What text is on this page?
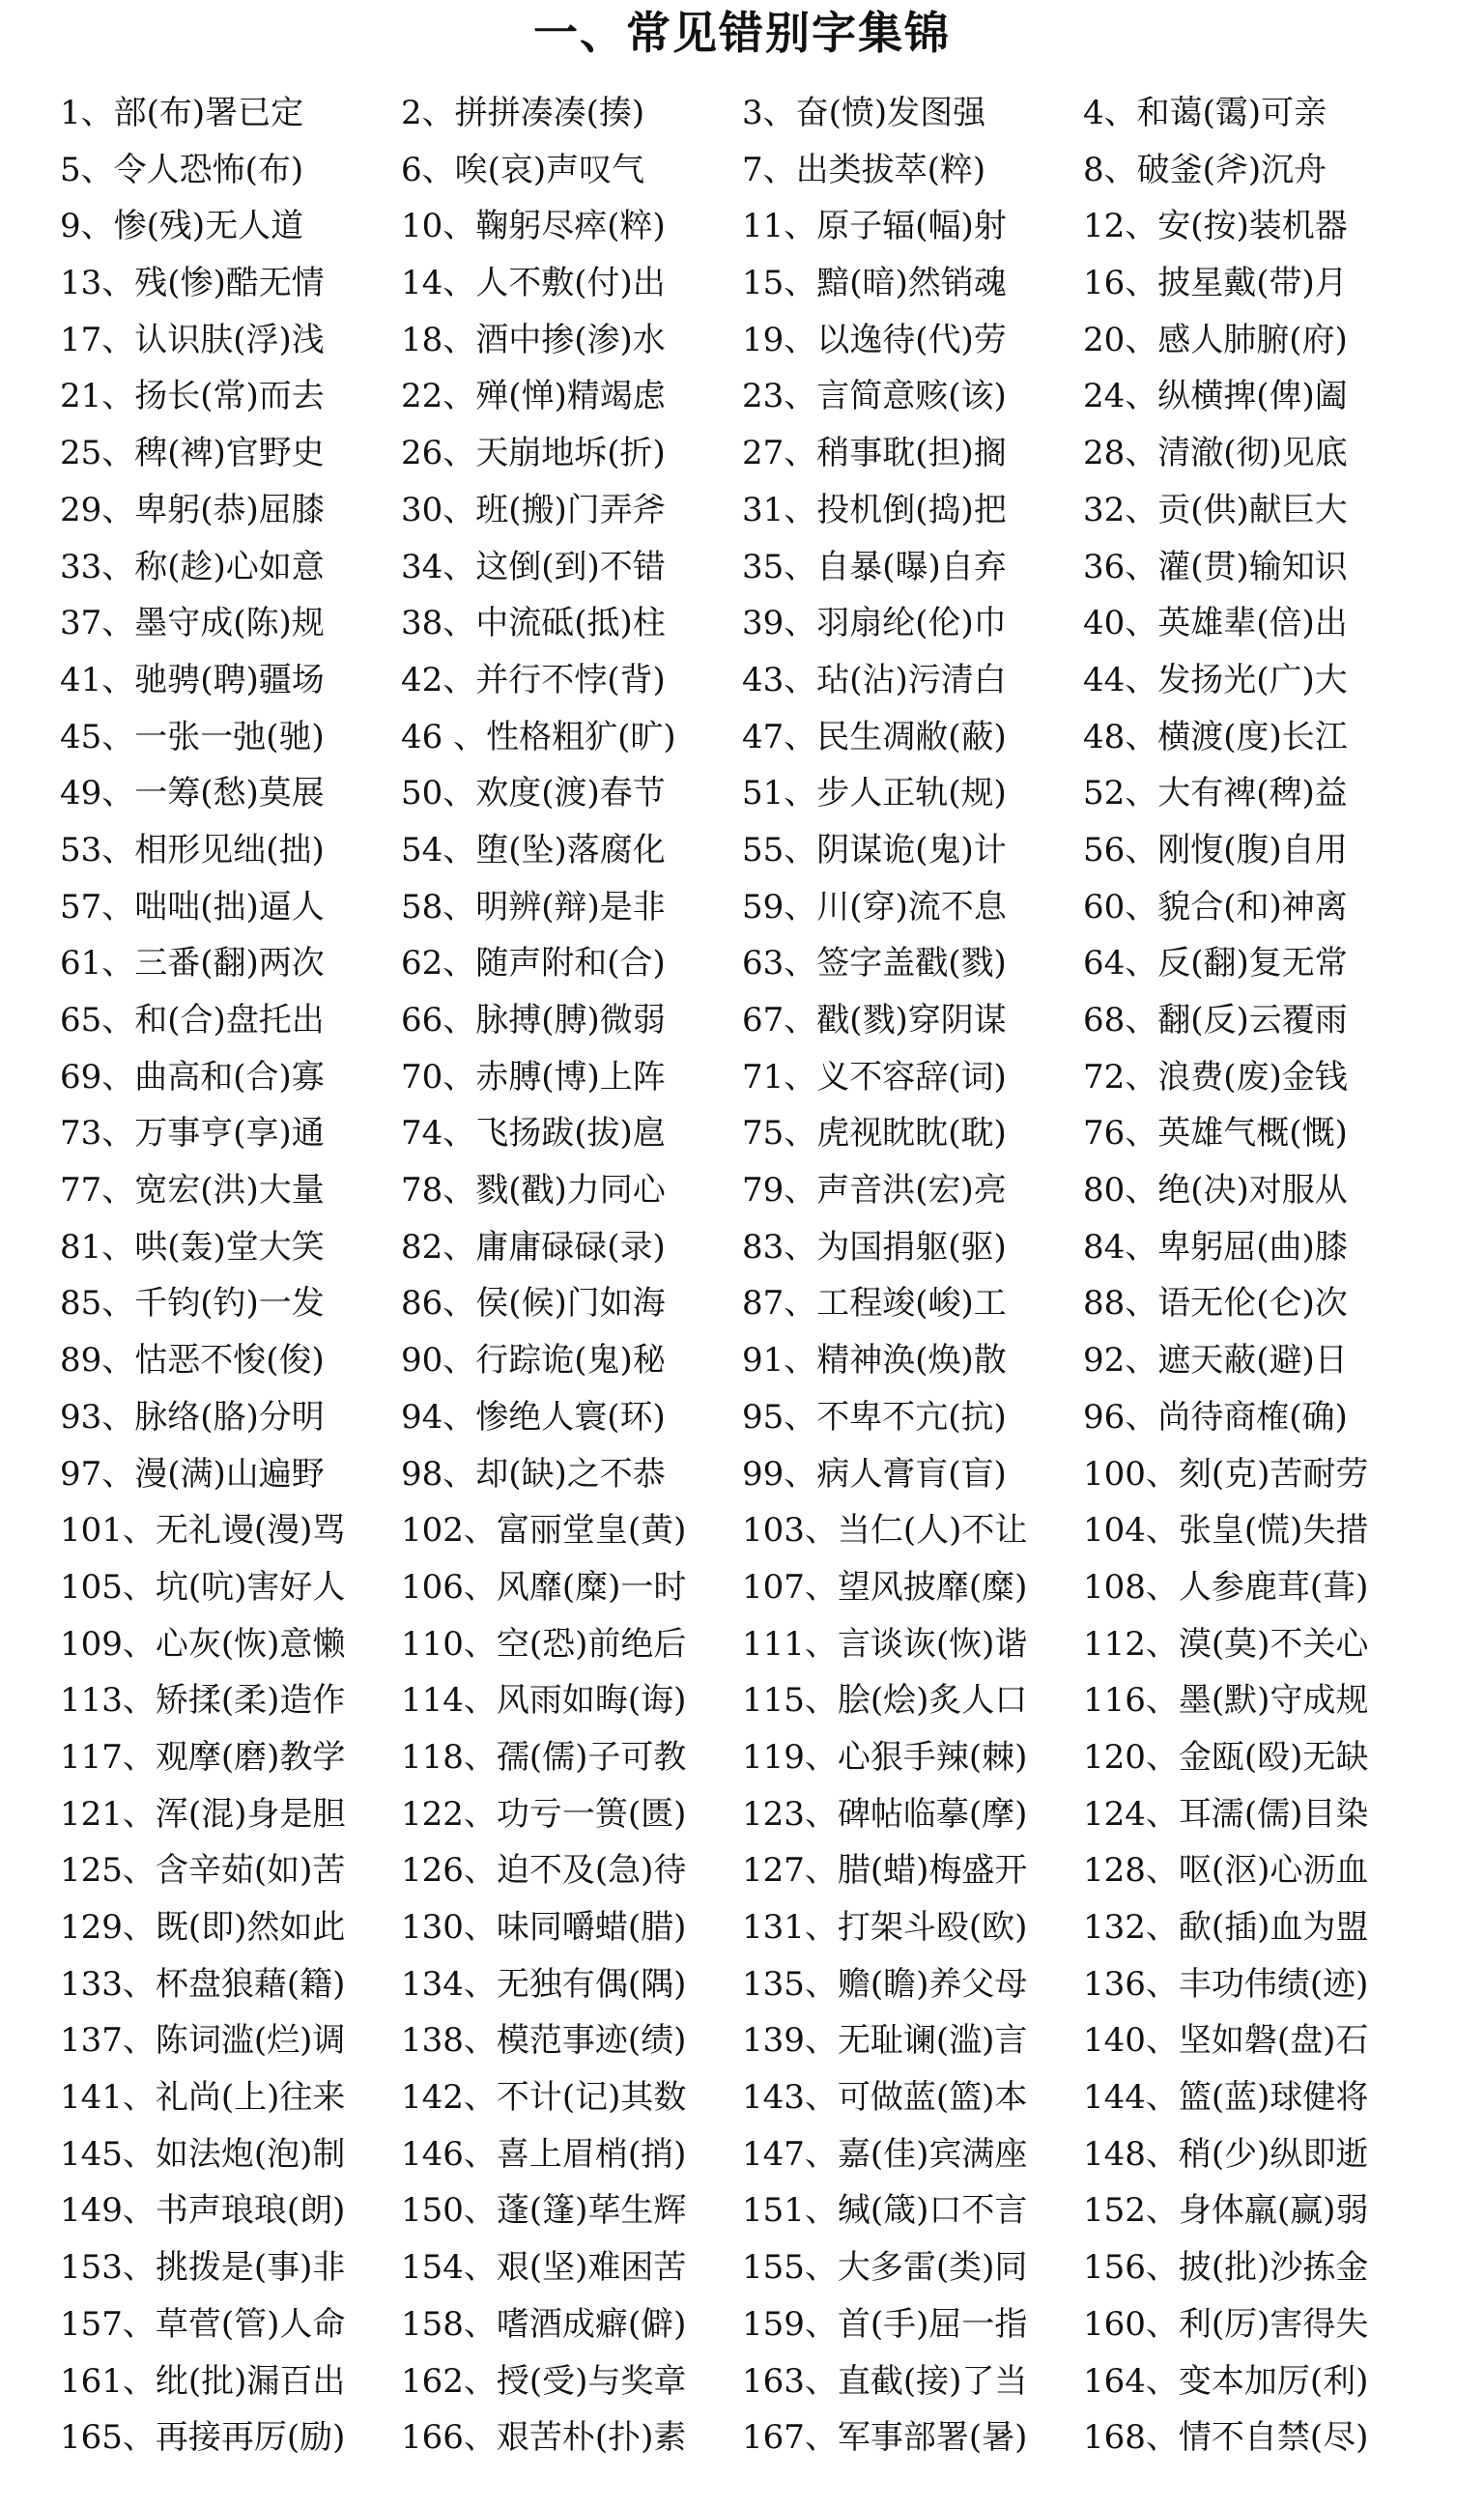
一、常见错别字集锦
1、部(布)署已定	2、拼拼凑凑(揍)	3、奋(愤)发图强	4、和蔼(霭)可亲
5、令人恐怖(布)	6、唉(哀)声叹气	7、出类拔萃(粹)	8、破釜(斧)沉舟
9、惨(残)无人道	10、鞠躬尽瘁(粹)	11、原子辐(幅)射	12、安(按)装机器
13、残(惨)酷无情	14、人不敷(付)出	15、黯(暗)然销魂	16、披星戴(带)月
17、认识肤(浮)浅	18、酒中掺(渗)水	19、以逸待(代)劳	20、感人肺腑(府)
21、扬长(常)而去	22、殚(惮)精竭虑	23、言简意赅(该)	24、纵横捭(俾)阖
25、稗(裨)官野史	26、天崩地坼(折)	27、稍事耽(担)搁	28、清澈(彻)见底
29、卑躬(恭)屈膝	30、班(搬)门弄斧	31、投机倒(捣)把	32、贡(供)献巨大
33、称(趁)心如意	34、这倒(到)不错	35、自暴(曝)自弃	36、灌(贯)输知识
37、墨守成(陈)规	38、中流砥(抵)柱	39、羽扇纶(伦)巾	40、英雄辈(倍)出
41、驰骋(聘)疆场	42、并行不悖(背)	43、玷(沾)污清白	44、发扬光(广)大
45、一张一弛(驰)	46 、性格粗犷(旷)	47、民生凋敝(蔽)	48、横渡(度)长江
49、一筹(愁)莫展	50、欢度(渡)春节	51、步人正轨(规)	52、大有裨(稗)益
53、相形见绌(拙)	54、堕(坠)落腐化	55、阴谋诡(鬼)计	56、刚愎(腹)自用
57、咄咄(拙)逼人	58、明辨(辩)是非	59、川(穿)流不息	60、貌合(和)神离
61、三番(翻)两次	62、随声附和(合)	63、签字盖戳(戮)	64、反(翻)复无常
65、和(合)盘托出	66、脉搏(膊)微弱	67、戳(戮)穿阴谋	68、翻(反)云覆雨
69、曲高和(合)寡	70、赤膊(博)上阵	71、义不容辞(词)	72、浪费(废)金钱
73、万事亨(享)通	74、飞扬跋(拔)扈	75、虎视眈眈(耽)	76、英雄气概(慨)
77、宽宏(洪)大量	78、戮(戳)力同心	79、声音洪(宏)亮	80、绝(决)对服从
81、哄(轰)堂大笑	82、庸庸碌碌(录)	83、为国捐躯(驱)	84、卑躬屈(曲)膝
85、千钧(钓)一发	86、侯(候)门如海	87、工程竣(峻)工	88、语无伦(仑)次
89、怙恶不悛(俊)	90、行踪诡(鬼)秘	91、精神涣(焕)散	92、遮天蔽(避)日
93、脉络(胳)分明	94、惨绝人寰(环)	95、不卑不亢(抗)	96、尚待商榷(确)
97、漫(满)山遍野	98、却(缺)之不恭	99、病人膏肓(盲)	100、刻(克)苦耐劳
101、无礼谩(漫)骂	102、富丽堂皇(黄)	103、当仁(人)不让	104、张皇(慌)失措
105、坑(吭)害好人	106、风靡(糜)一时	107、望风披靡(糜)	108、人参鹿茸(葺)
109、心灰(恢)意懒	110、空(恐)前绝后	111、言谈诙(恢)谐	112、漠(莫)不关心
113、矫揉(柔)造作	114、风雨如晦(诲)	115、脍(烩)炙人口	116、墨(默)守成规
117、观摩(磨)教学	118、孺(儒)子可教	119、心狠手辣(棘)	120、金瓯(殴)无缺
121、浑(混)身是胆	122、功亏一篑(匮)	123、碑帖临摹(摩)	124、耳濡(儒)目染
125、含辛茹(如)苦	126、迫不及(急)待	127、腊(蜡)梅盛开	128、呕(沤)心沥血
129、既(即)然如此	130、味同嚼蜡(腊)	131、打架斗殴(欧)	132、歃(插)血为盟
133、杯盘狼藉(籍)	134、无独有偶(隅)	135、赡(瞻)养父母	136、丰功伟绩(迹)
137、陈词滥(烂)调	138、模范事迹(绩)	139、无耻谰(滥)言	140、坚如磐(盘)石
141、礼尚(上)往来	142、不计(记)其数	143、可做蓝(篮)本	144、篮(蓝)球健将
145、如法炮(泡)制	146、喜上眉梢(捎)	147、嘉(佳)宾满座	148、稍(少)纵即逝
149、书声琅琅(朗)	150、蓬(篷)荜生辉	151、缄(箴)口不言	152、身体羸(赢)弱
153、挑拨是(事)非	154、艰(坚)难困苦	155、大多雷(类)同	156、披(批)沙拣金
157、草菅(管)人命	158、嗜酒成癖(僻)	159、首(手)屈一指	160、利(厉)害得失
161、纰(批)漏百出	162、授(受)与奖章	163、直截(接)了当	164、变本加厉(利)
165、再接再厉(励)	166、艰苦朴(扑)素	167、军事部署(暑)	168、情不自禁(尽)
